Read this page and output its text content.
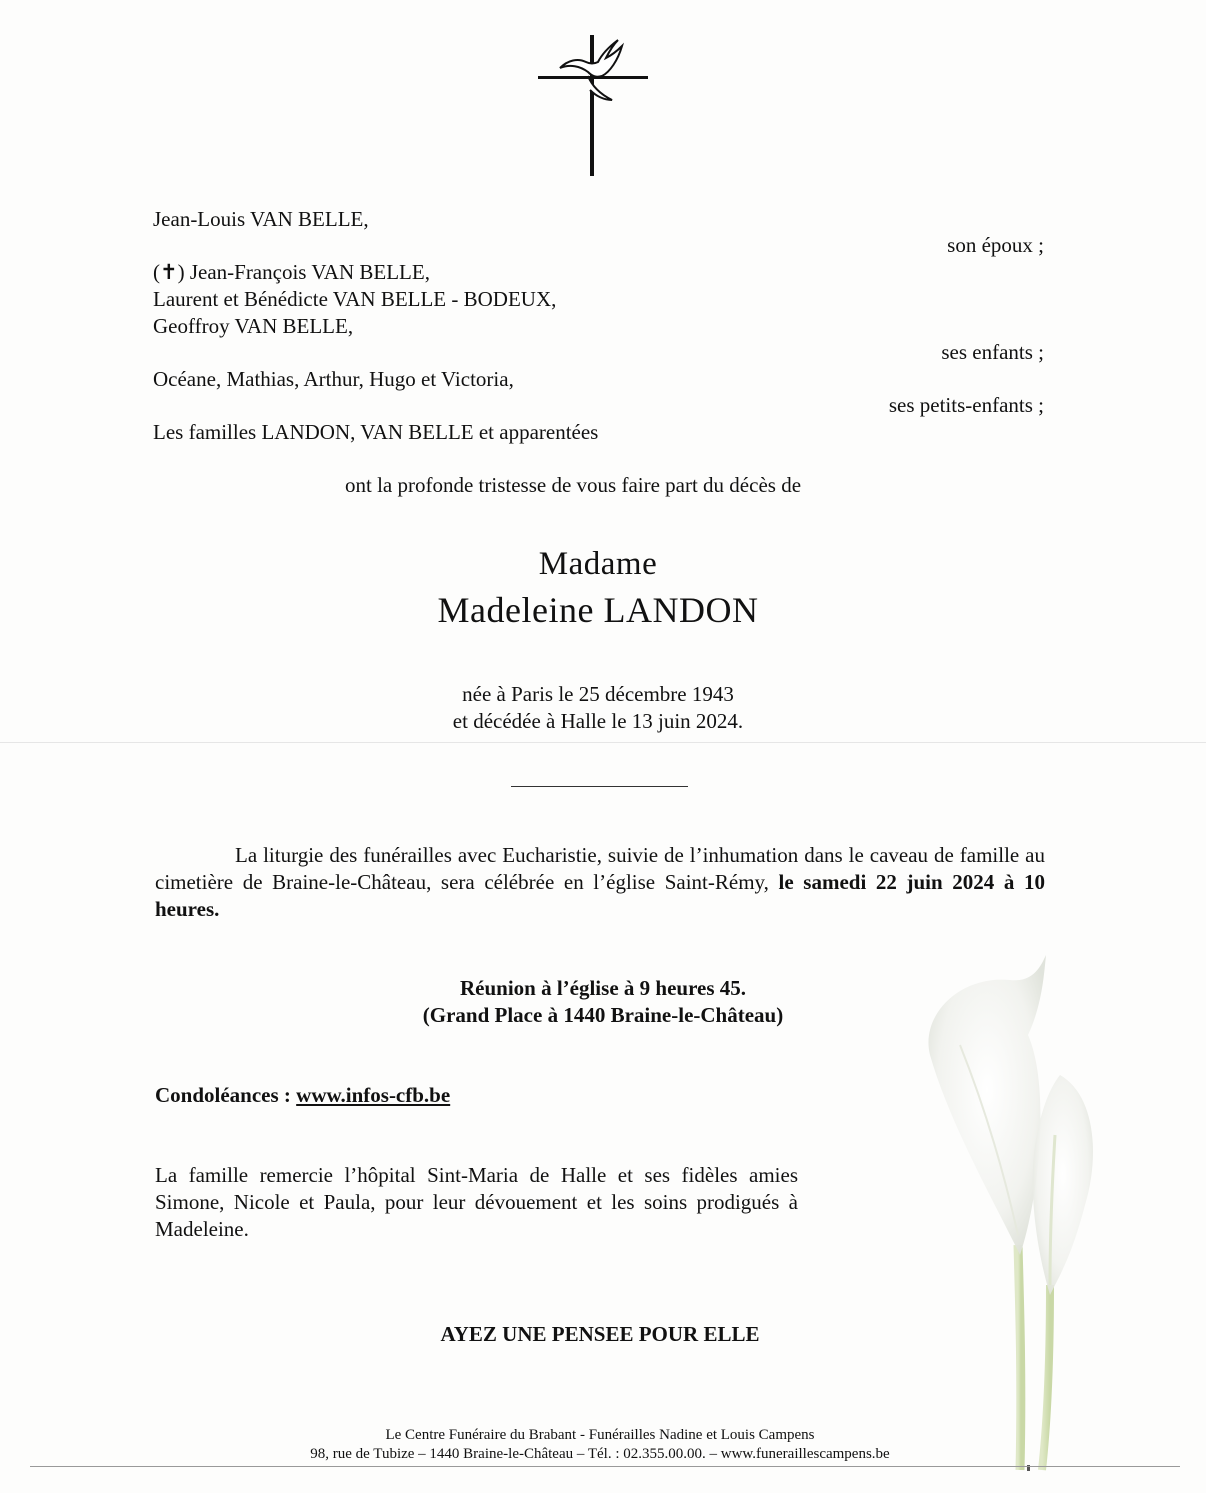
Jean-Louis VAN BELLE,
son époux ;
(✝) Jean-François VAN BELLE,
Laurent et Bénédicte VAN BELLE - BODEUX,
Geoffroy VAN BELLE,
ses enfants ;
Océane, Mathias, Arthur, Hugo et Victoria,
ses petits-enfants ;
Les familles LANDON, VAN BELLE et apparentées
ont la profonde tristesse de vous faire part du décès de
Madame
Madeleine LANDON
née à Paris le 25 décembre 1943
et décédée à Halle le 13 juin 2024.
La liturgie des funérailles avec Eucharistie, suivie de l’inhumation dans le caveau de famille au cimetière de Braine-le-Château, sera célébrée en l’église Saint-Rémy, le samedi 22 juin 2024 à 10 heures.
Réunion à l’église à 9 heures 45.
(Grand Place à 1440 Braine-le-Château)
Condoléances : www.infos-cfb.be
La famille remercie l’hôpital Sint-Maria de Halle et ses fidèles amies Simone, Nicole et Paula, pour leur dévouement et les soins prodigués à Madeleine.
AYEZ UNE PENSEE POUR ELLE
Le Centre Funéraire du Brabant - Funérailles Nadine et Louis Campens
98, rue de Tubize – 1440 Braine-le-Château – Tél. : 02.355.00.00. – www.funeraillescampens.be
